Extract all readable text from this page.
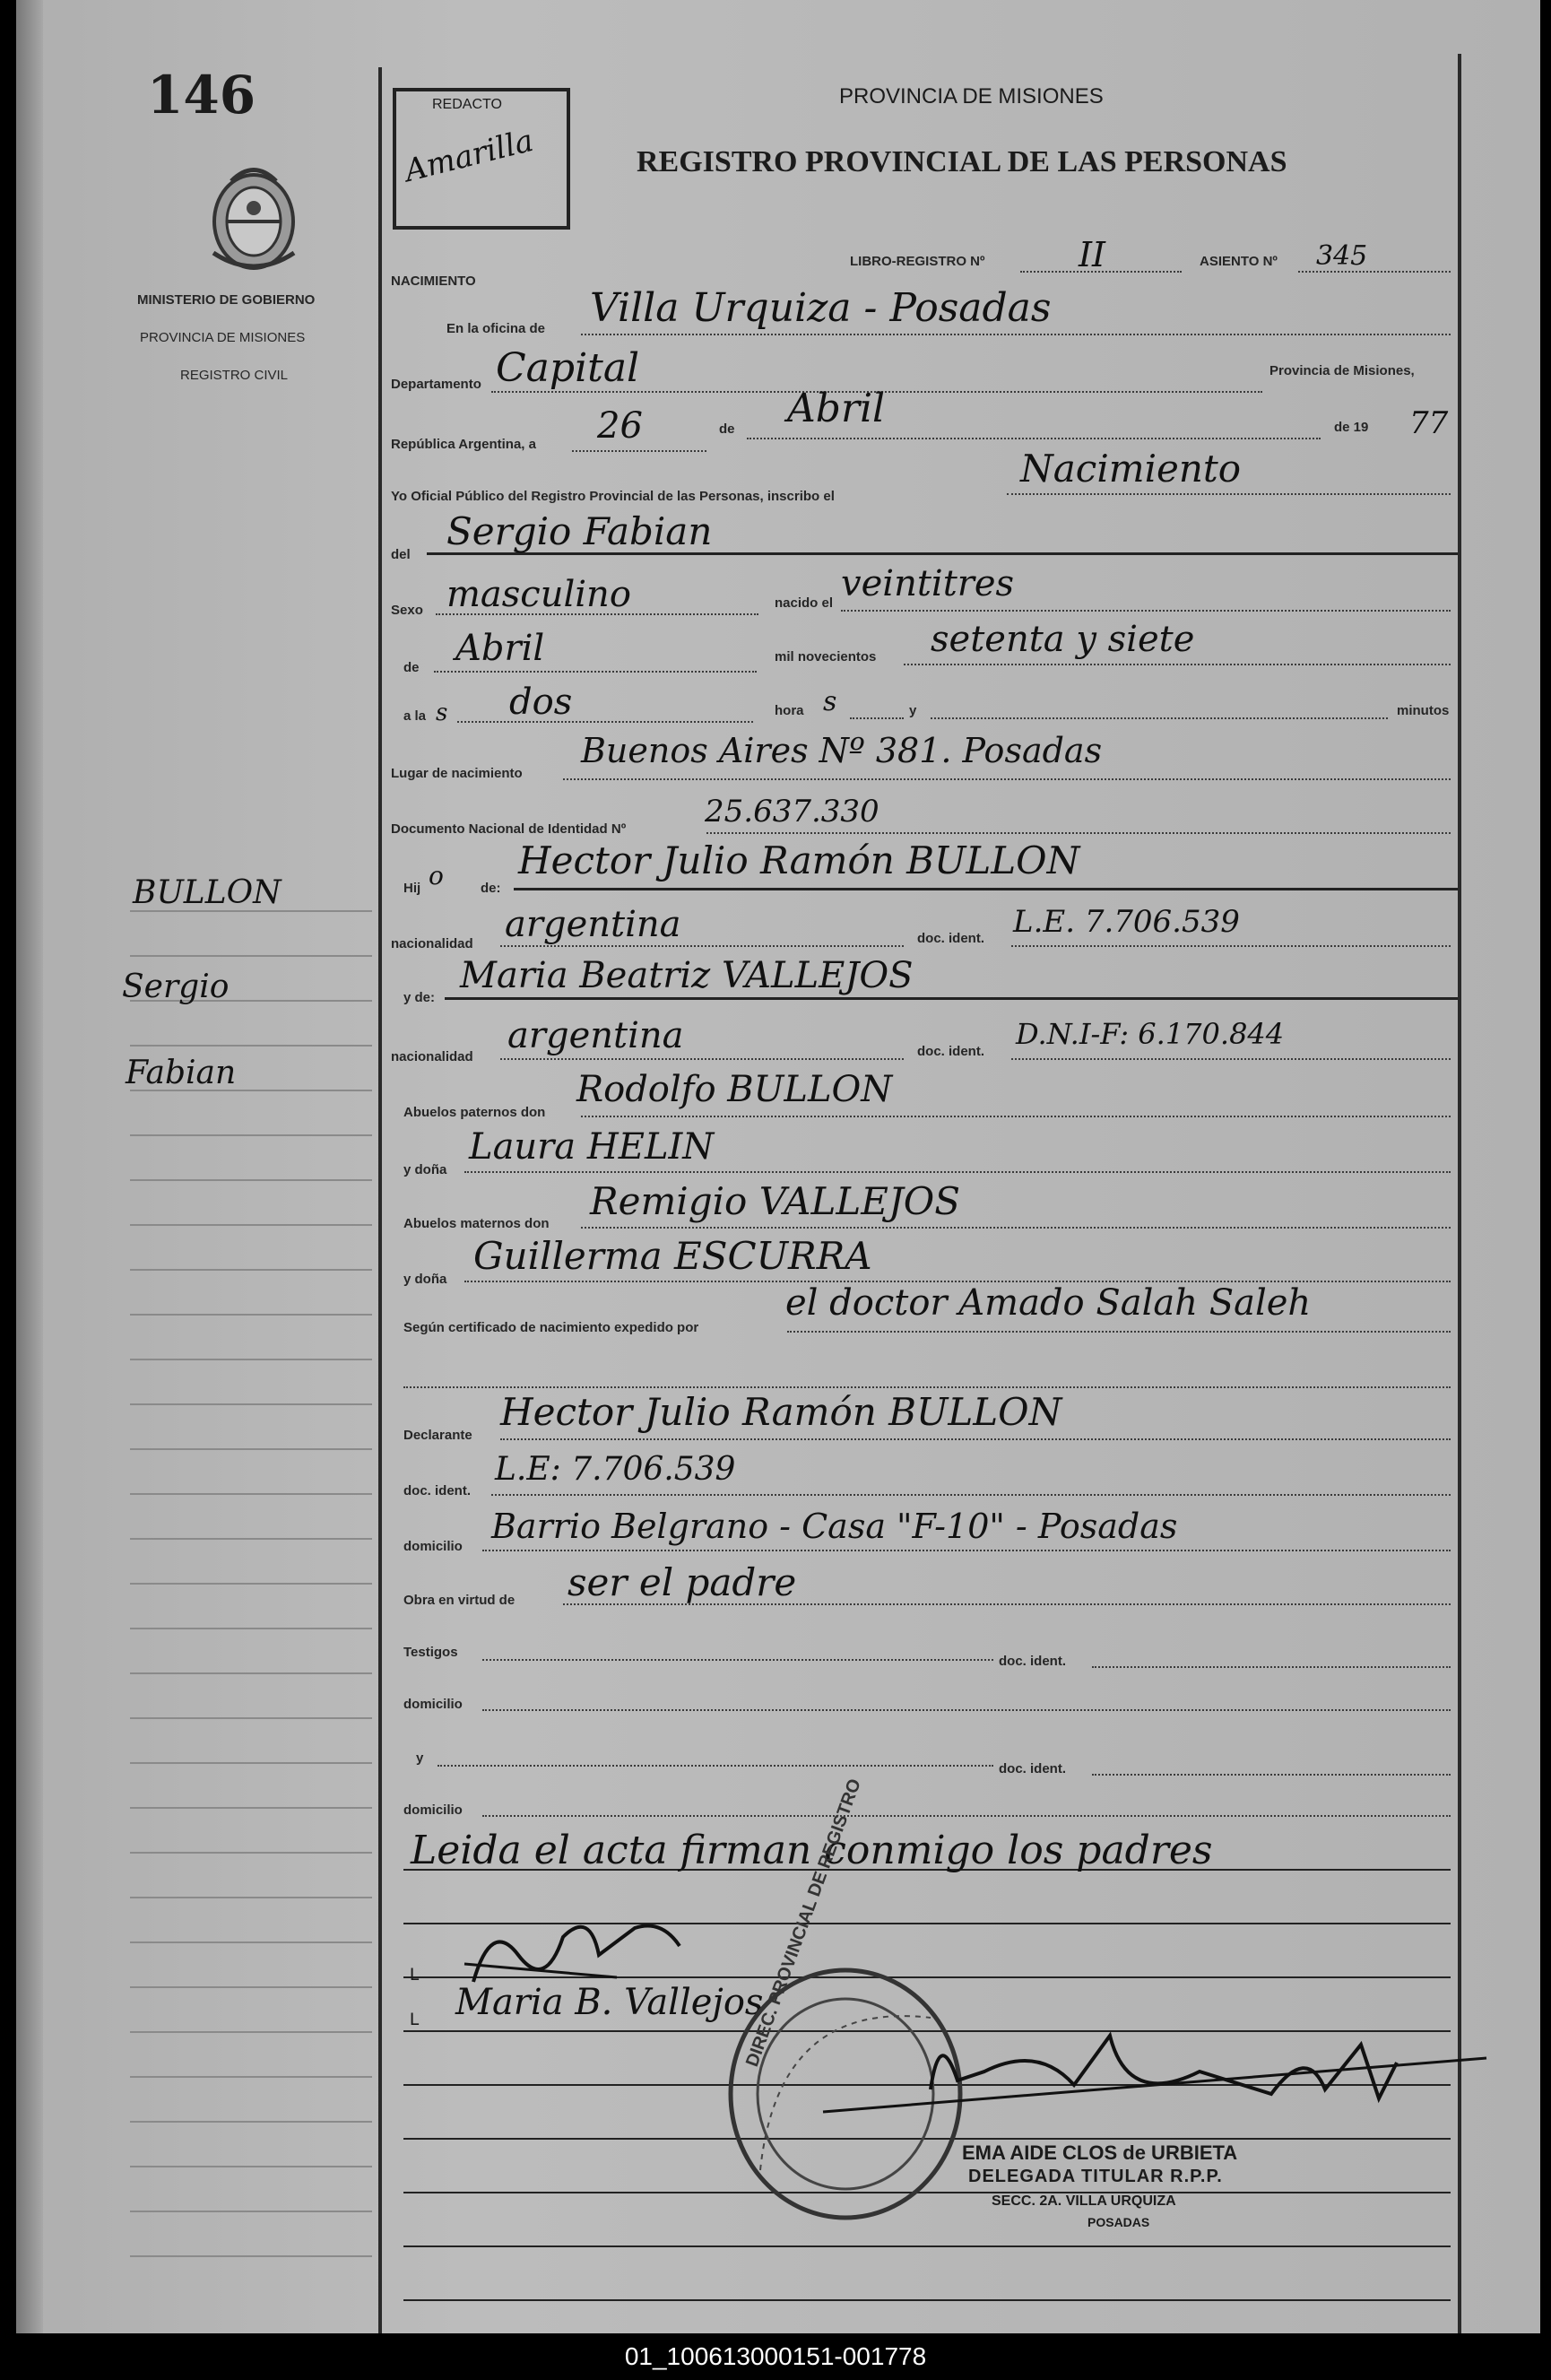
146
MINISTERIO DE GOBIERNO
PROVINCIA DE MISIONES
REGISTRO CIVIL
BULLON
Sergio
Fabian
REDACTO
Amarilla
PROVINCIA DE MISIONES
REGISTRO PROVINCIAL DE LAS PERSONAS
LIBRO-REGISTRO Nº	II	ASIENTO Nº 345
NACIMIENTO
En la oficina de Villa Urquiza - Posadas
Departamento Capital	Provincia de Misiones,
República Argentina, a 26	de Abril	de 19 77
Yo Oficial Público del Registro Provincial de las Personas, inscribo el
Nacimiento
del
Sergio Fabian
Sexo masculino	nacido el veintitres
de Abril	mil novecientos setenta y siete
a la s dos	hora s	y	minutos
Lugar de nacimiento
Buenos Aires Nº 381. Posadas
Documento Nacional de Identidad Nº	25.637.330
Hij o	de:
Hector Julio Ramón BULLON
nacionalidad argentina	doc. ident. L.E. 7.706.539
y de:
Maria Beatriz VALLEJOS
nacionalidad
argentina	doc. ident.
D.N.I-F: 6.170.844
Abuelos paternos don
Rodolfo BULLON
y doña
Laura HELIN
Abuelos maternos don
Remigio VALLEJOS
y doña
Guillerma ESCURRA
Según certificado de nacimiento expedido por
el doctor Amado Salah Saleh
Declarante
Hector Julio Ramón BULLON
doc. ident.
L.E: 7.706.539
domicilio
Barrio Belgrano - Casa "F-10" - Posadas
Obra en virtud de ser el padre
Testigos
doc. ident.
domicilio
y
doc. ident.
domicilio
Leida el acta firman conmigo los padres
ᴸ
ᴸ Maria B. Vallejos
DIREC. PROVINCIAL DE REGISTRO
EMA AIDE CLOS de URBIETA
DELEGADA TITULAR R.P.P.
SECC. 2A. VILLA URQUIZA
POSADAS
01_100613000151-001778
